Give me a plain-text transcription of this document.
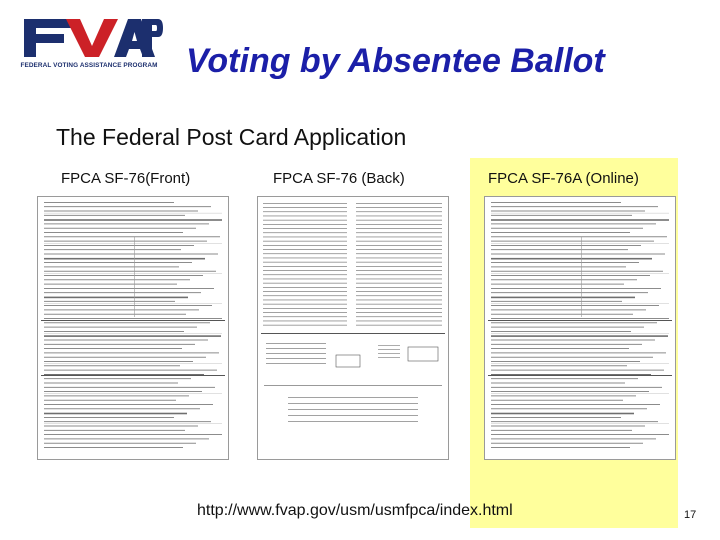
FEDERAL VOTING ASSISTANCE PROGRAM Voting by Absentee Ballot
The Federal Post Card Application
FPCA SF-76(Front)	FPCA SF-76 (Back)	FPCA SF-76A (Online)
http://www.fvap.gov/usm/usmfpca/index.html	17
